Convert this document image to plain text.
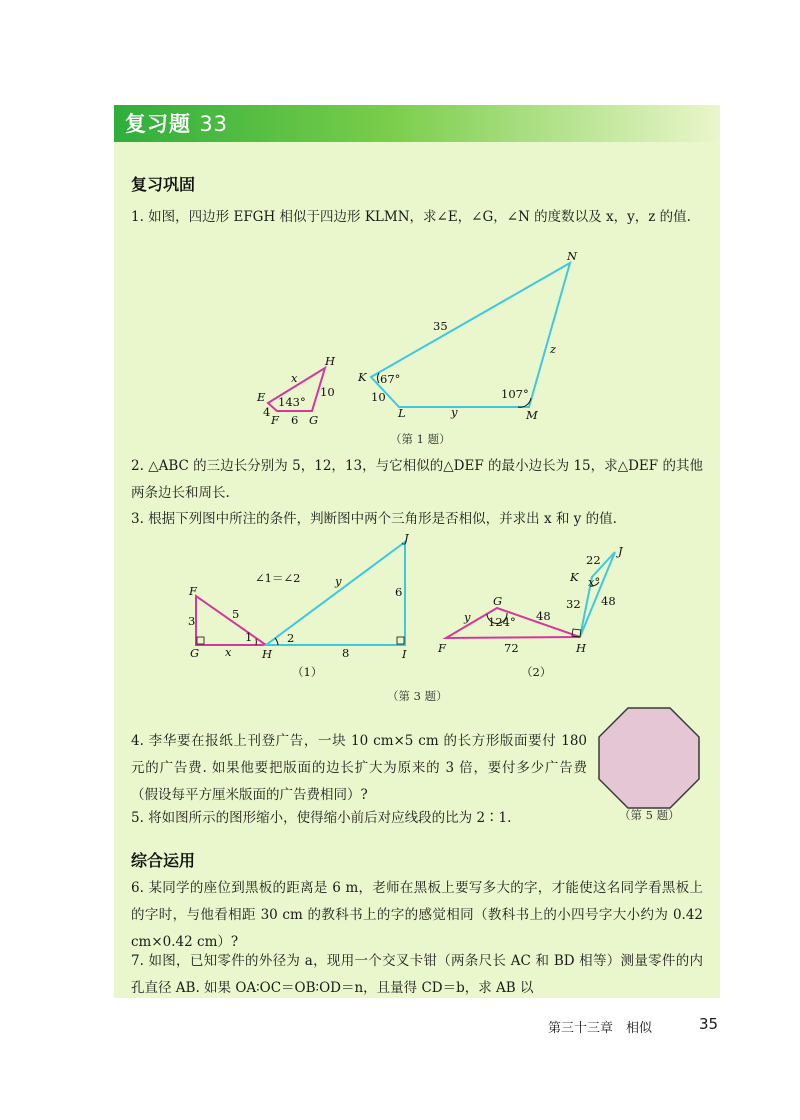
复习题 33
复习巩固
1. 如图，四边形 EFGH 相似于四边形 KLMN，求∠E，∠G，∠N 的度数以及 x，y，z 的值.
E
4
F 6 G
10
H
x
143°
K 67°
10
L	y	M
107°
z
N
35
（第 1 题）
2. △ABC 的三边长分别为 5，12，13，与它相似的△DEF 的最小边长为 15，求△DEF 的其他两条边长和周长.
3. 根据下列图中所注的条件，判断图中两个三角形是否相似，并求出 x 和 y 的值.
∠1＝∠2
F
3	5
G x	H
1	2
8	I
6
y
J
（1）
F
y
G
124° 48
72	H
32
K x°
22
J
48
（2）
（第 3 题）
4. 李华要在报纸上刊登广告，一块 10 cm×5 cm 的长方形版面要付 180 元的广告费. 如果他要把版面的边长扩大为原来的 3 倍，要付多少广告费（假设每平方厘米版面的广告费相同）?
5. 将如图所示的图形缩小，使得缩小前后对应线段的比为 2∶1.	（第 5 题）
综合运用
6. 某同学的座位到黑板的距离是 6 m，老师在黑板上要写多大的字，才能使这名同学看黑板上的字时，与他看相距 30 cm 的教科书上的字的感觉相同（教科书上的小四号字大小约为 0.42 cm×0.42 cm）?
7. 如图，已知零件的外径为 a，现用一个交叉卡钳（两条尺长 AC 和 BD 相等）测量零件的内孔直径 AB. 如果 OA∶OC＝OB∶OD＝n，且量得 CD＝b，求 AB 以
第三十三章　相似	35
